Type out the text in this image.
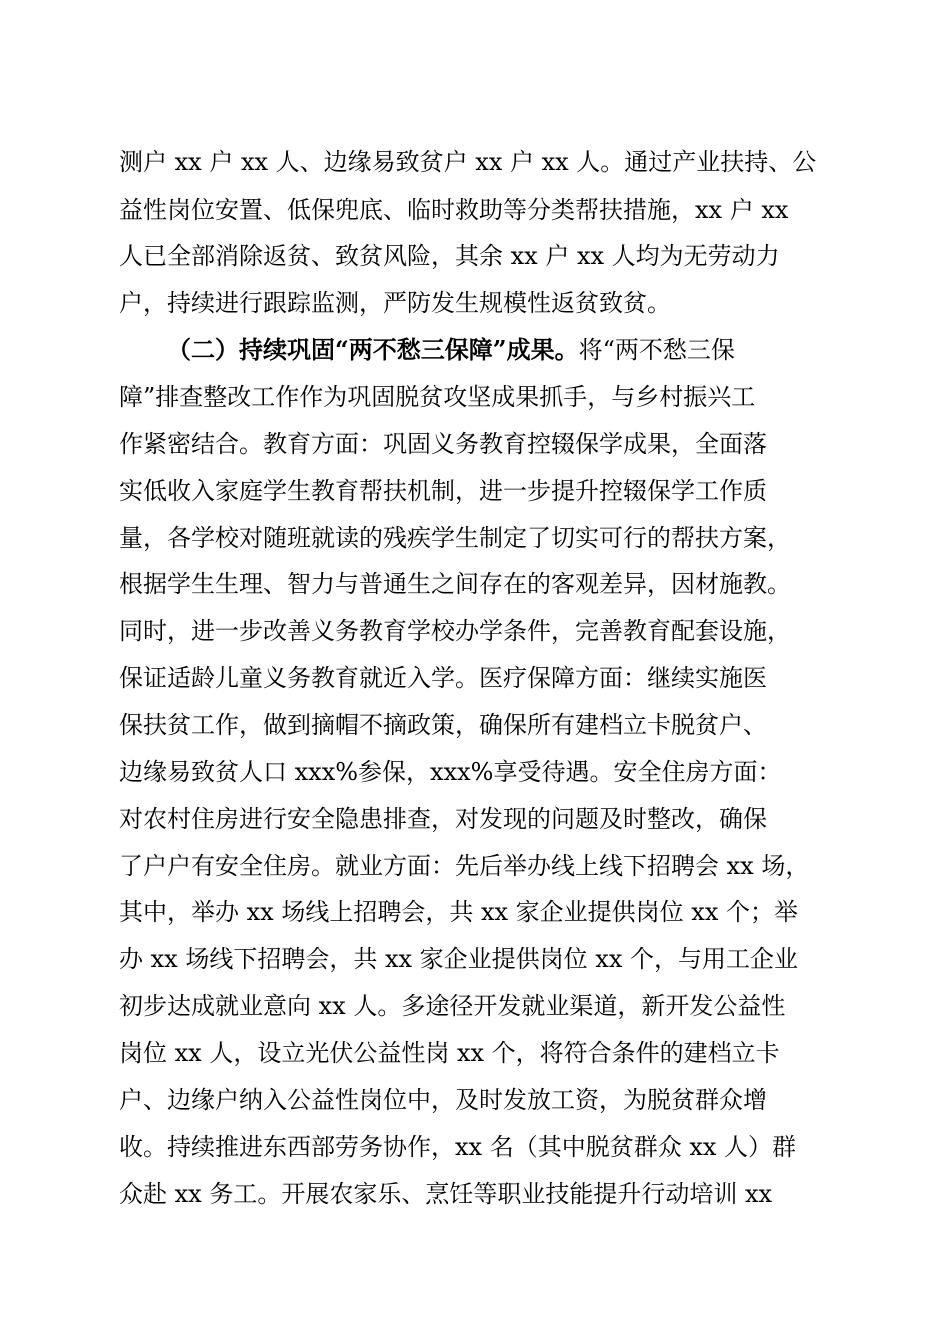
测户 xx 户 xx 人、边缘易致贫户 xx 户 xx 人。通过产业扶持、公
益性岗位安置、低保兜底、临时救助等分类帮扶措施，xx 户 xx
人已全部消除返贫、致贫风险，其余 xx 户 xx 人均为无劳动力
户，持续进行跟踪监测，严防发生规模性返贫致贫。
（二）持续巩固“两不愁三保障”成果。将“两不愁三保
障”排查整改工作作为巩固脱贫攻坚成果抓手，与乡村振兴工
作紧密结合。教育方面：巩固义务教育控辍保学成果，全面落
实低收入家庭学生教育帮扶机制，进一步提升控辍保学工作质
量，各学校对随班就读的残疾学生制定了切实可行的帮扶方案，
根据学生生理、智力与普通生之间存在的客观差异，因材施教。
同时，进一步改善义务教育学校办学条件，完善教育配套设施，
保证适龄儿童义务教育就近入学。医疗保障方面：继续实施医
保扶贫工作，做到摘帽不摘政策，确保所有建档立卡脱贫户、
边缘易致贫人口 xxx%参保，xxx%享受待遇。安全住房方面：
对农村住房进行安全隐患排查，对发现的问题及时整改，确保
了户户有安全住房。就业方面：先后举办线上线下招聘会 xx 场，
其中，举办 xx 场线上招聘会，共 xx 家企业提供岗位 xx 个；举
办 xx 场线下招聘会，共 xx 家企业提供岗位 xx 个，与用工企业
初步达成就业意向 xx 人。多途径开发就业渠道，新开发公益性
岗位 xx 人，设立光伏公益性岗 xx 个，将符合条件的建档立卡
户、边缘户纳入公益性岗位中，及时发放工资，为脱贫群众增
收。持续推进东西部劳务协作，xx 名（其中脱贫群众 xx 人）群
众赴 xx 务工。开展农家乐、烹饪等职业技能提升行动培训 xx
